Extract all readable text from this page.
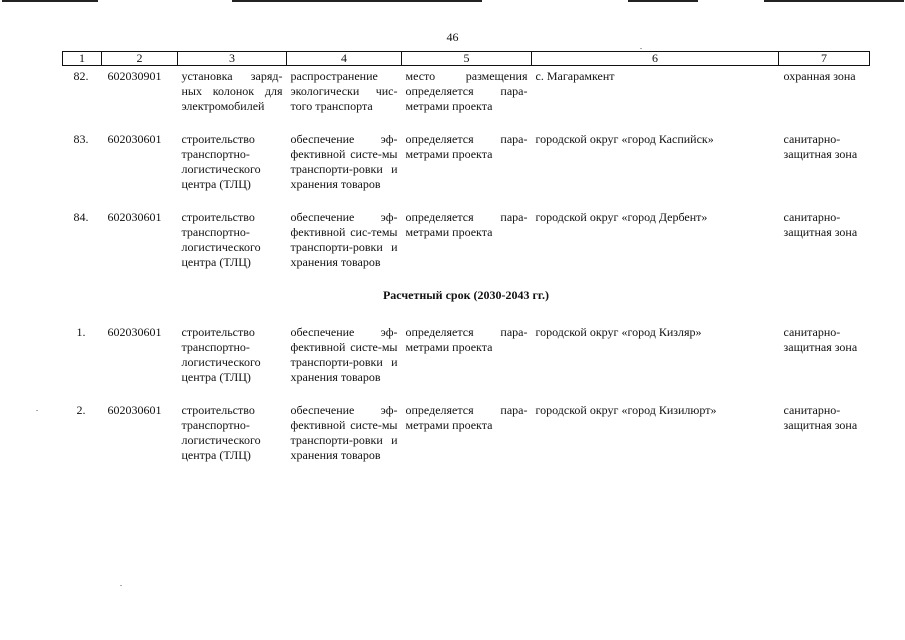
46
1	2	3	4	5	6	7
82.	602030901	установка заряд-ных колонок для электромобилей	распространение экологически чис-того транспорта	место размещения определяется пара-метрами проекта	с. Магарамкент	охранная зона
83.	602030601	строительство транспортно-логистического центра (ТЛЦ)	обеспечение эф-фективной систе-мы транспорти-ровки и хранения товаров	определяется пара-метрами проекта	городской округ «город Каспийск»	санитарно-защитная зона
84.	602030601	строительство транспортно-логистического центра (ТЛЦ)	обеспечение эф-фективной сис-темы транспорти-ровки и хранения товаров	определяется пара-метрами проекта	городской округ «город Дербент»	санитарно-защитная зона
Расчетный срок (2030-2043 гг.)						
1.	602030601	строительство транспортно-логистического центра (ТЛЦ)	обеспечение эф-фективной систе-мы транспорти-ровки и хранения товаров	определяется пара-метрами проекта	городской округ «город Кизляр»	санитарно-защитная зона
2.	602030601	строительство транспортно-логистического центра (ТЛЦ)	обеспечение эф-фективной систе-мы транспорти-ровки и хранения товаров	определяется пара-метрами проекта	городской округ «город Кизилюрт»	санитарно-защитная зона
